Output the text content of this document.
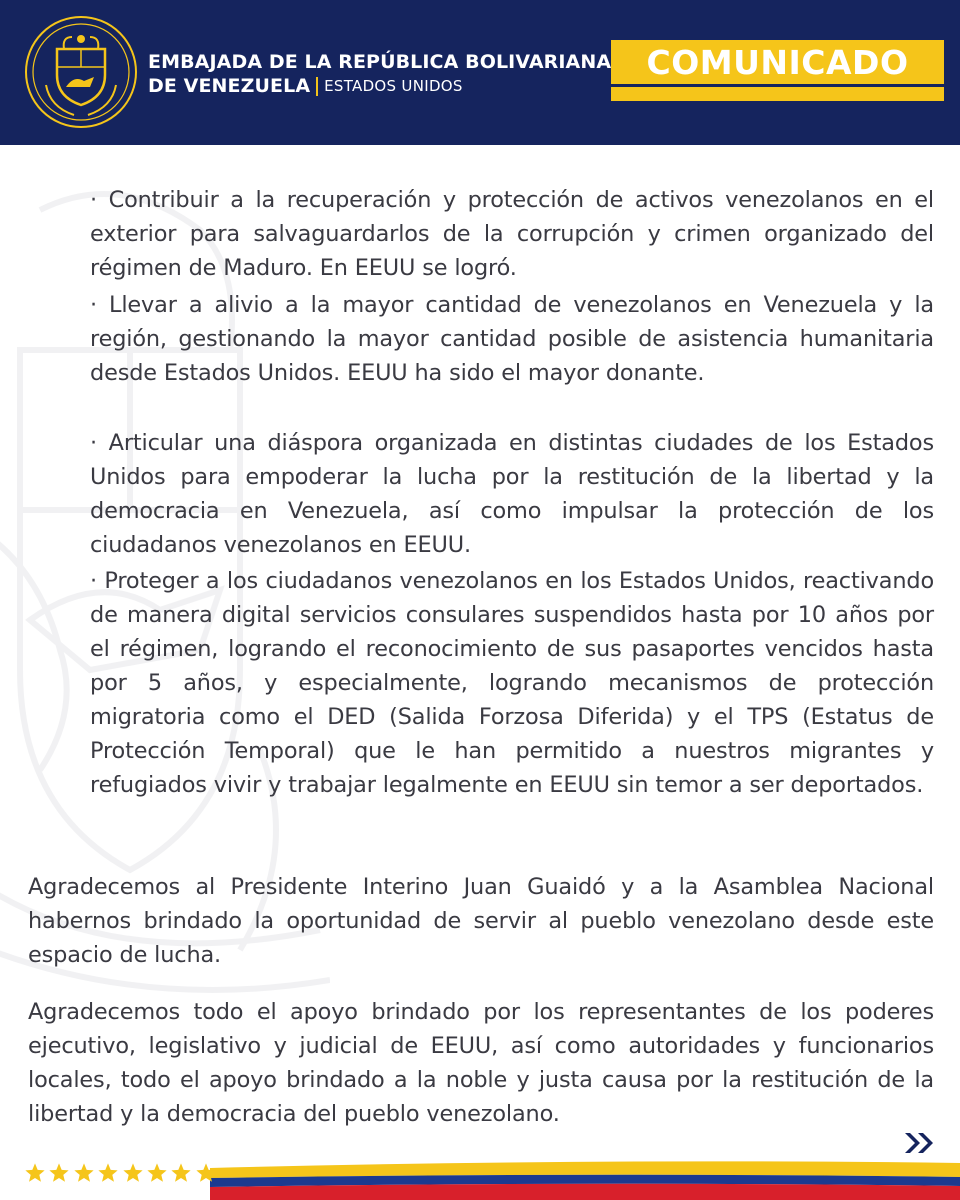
EMBAJADA DE LA REPÚBLICA BOLIVARIANA
DE VENEZUELA ESTADOS UNIDOS
COMUNICADO

· Contribuir a la recuperación y protección de activos venezolanos en el exterior para salvaguardarlos de la corrupción y crimen organizado del régimen de Maduro. En EEUU se logró.

· Llevar a alivio a la mayor cantidad de venezolanos en Venezuela y la región, gestionando la mayor cantidad posible de asistencia humanitaria desde Estados Unidos. EEUU ha sido el mayor donante.

· Articular una diáspora organizada en distintas ciudades de los Estados Unidos para empoderar la lucha por la restitución de la libertad y la democracia en Venezuela, así como impulsar la protección de los ciudadanos venezolanos en EEUU.

· Proteger a los ciudadanos venezolanos en los Estados Unidos, reactivando de manera digital servicios consulares suspendidos hasta por 10 años por el régimen, logrando el reconocimiento de sus pasaportes vencidos hasta por 5 años, y especialmente, logrando mecanismos de protección migratoria como el DED (Salida Forzosa Diferida) y el TPS (Estatus de Protección Temporal) que le han permitido a nuestros migrantes y refugiados vivir y trabajar legalmente en EEUU sin temor a ser deportados.

Agradecemos al Presidente Interino Juan Guaidó y a la Asamblea Nacional habernos brindado la oportunidad de servir al pueblo venezolano desde este espacio de lucha.

Agradecemos todo el apoyo brindado por los representantes de los poderes ejecutivo, legislativo y judicial de EEUU, así como autoridades y funcionarios locales, todo el apoyo brindado a la noble y justa causa por la restitución de la libertad y la democracia del pueblo venezolano.
